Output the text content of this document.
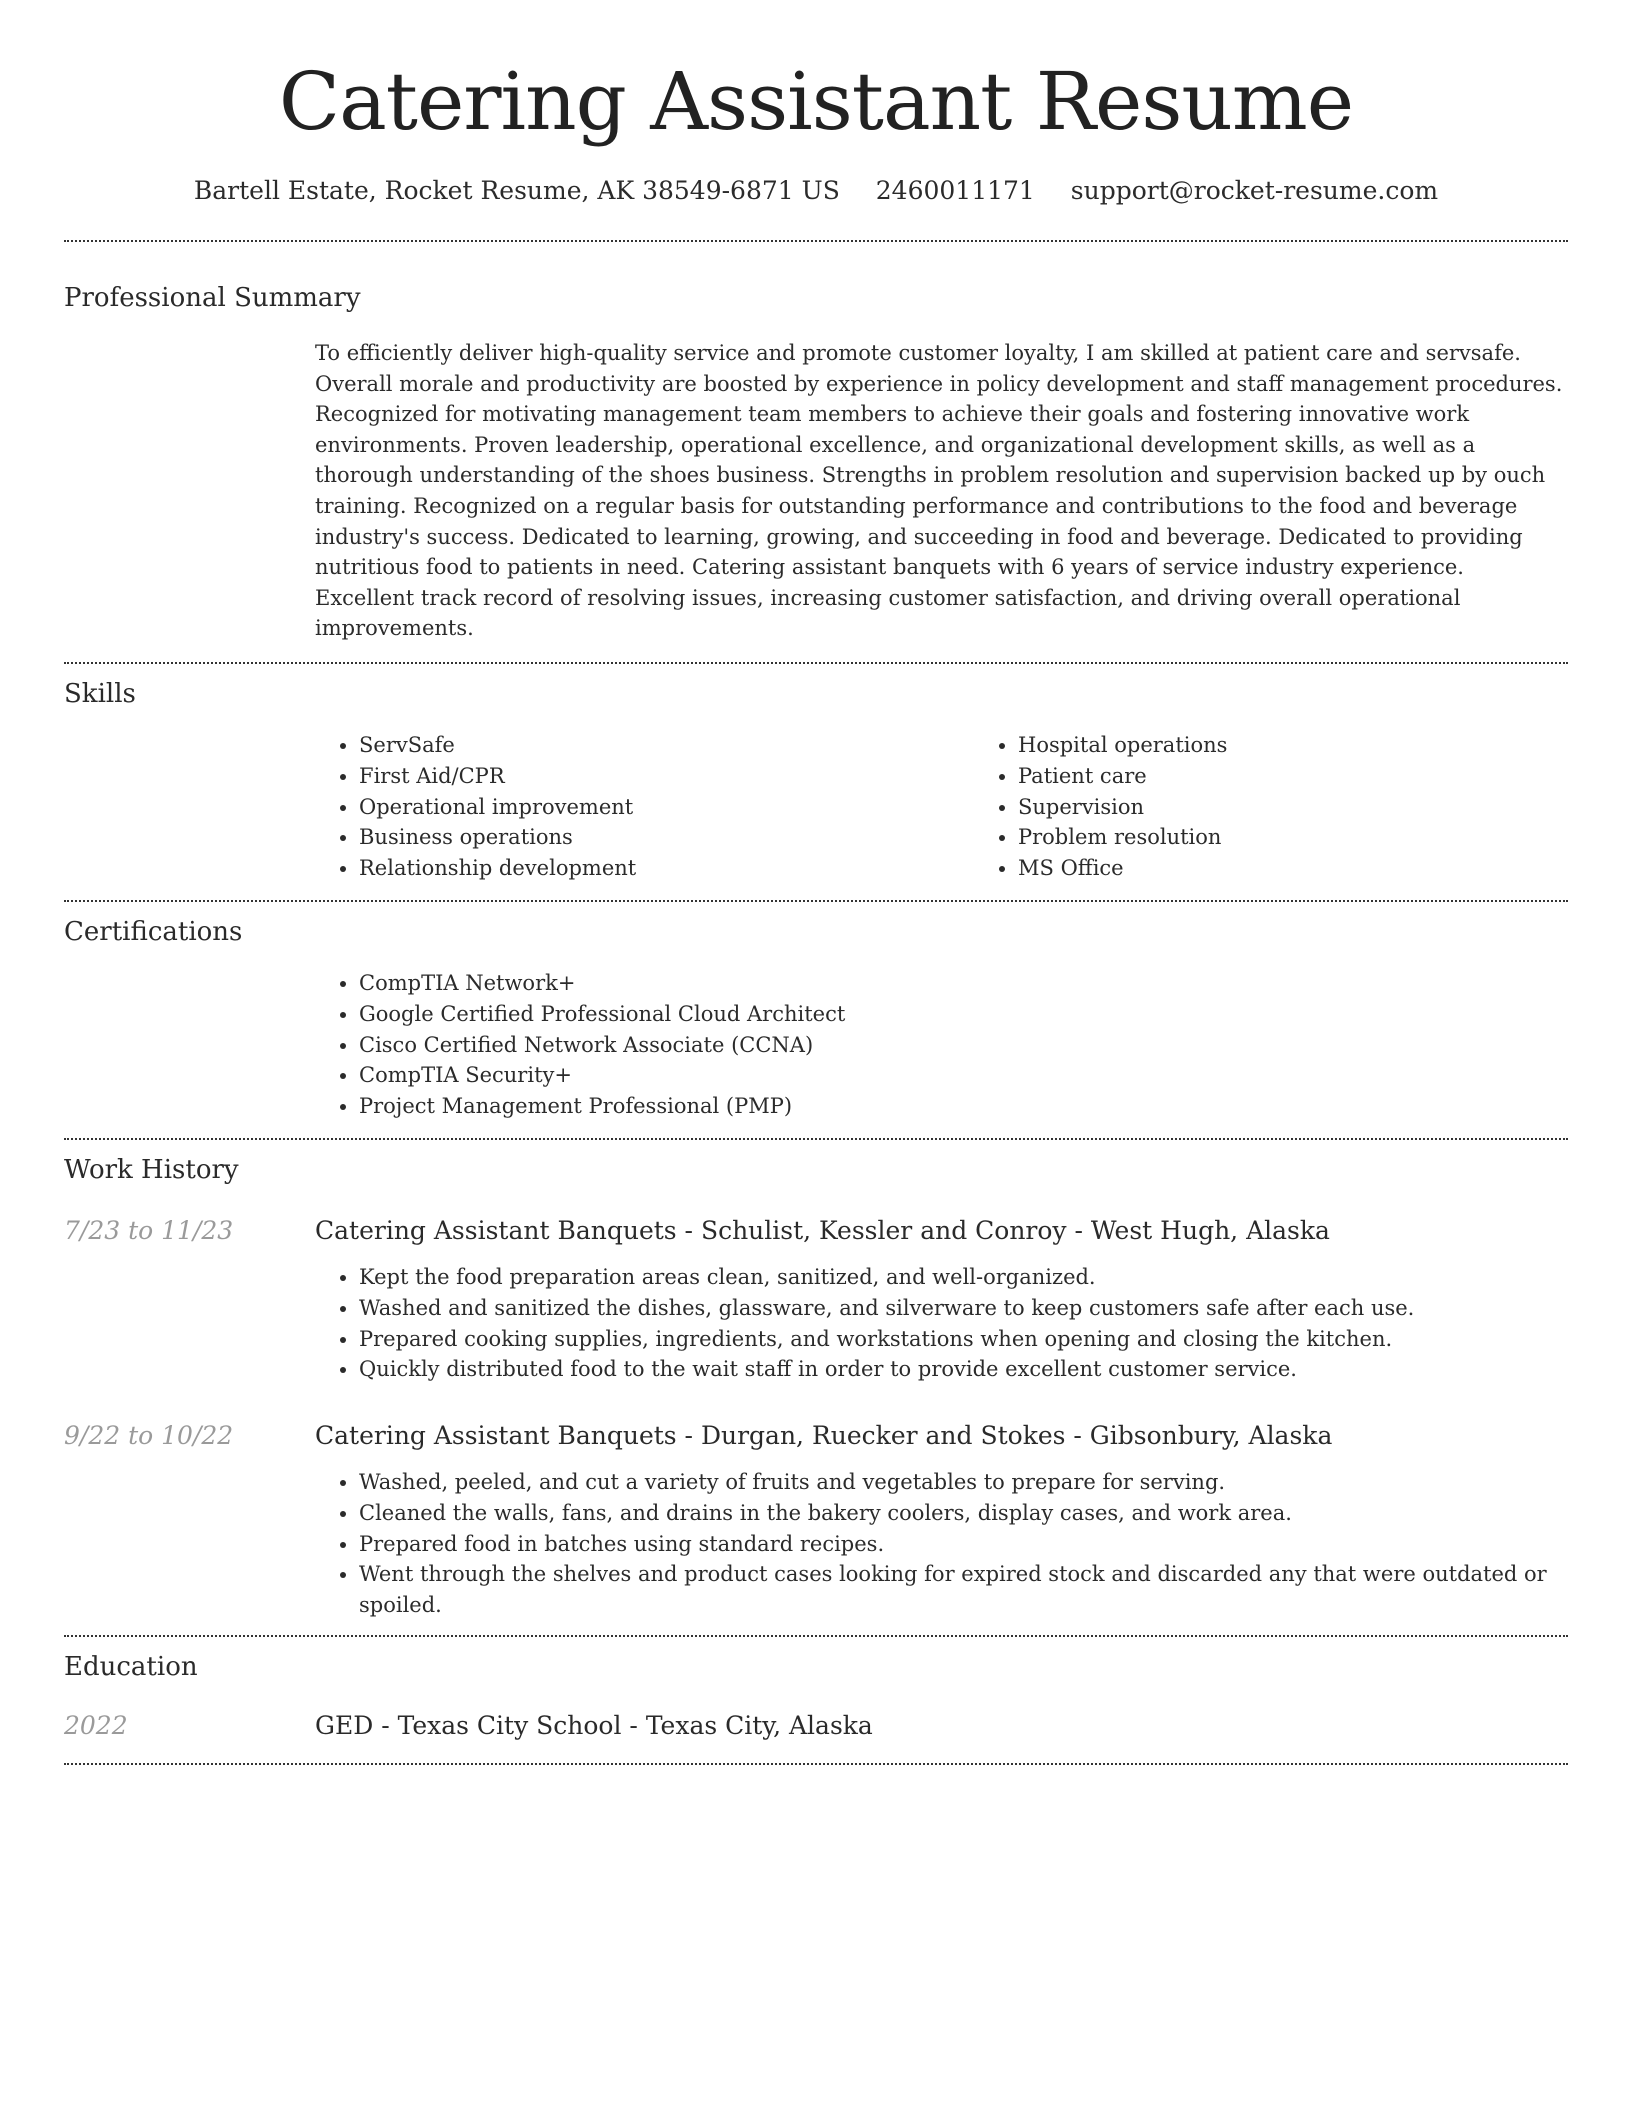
Catering Assistant Resume
Bartell Estate, Rocket Resume, AK 38549-6871 US 2460011171 support@rocket-resume.com
Professional Summary

To efficiently deliver high-quality service and promote customer loyalty, I am skilled at patient care and servsafe. Overall morale and productivity are boosted by experience in policy development and staff management procedures. Recognized for motivating management team members to achieve their goals and fostering innovative work environments. Proven leadership, operational excellence, and organizational development skills, as well as a thorough understanding of the shoes business. Strengths in problem resolution and supervision backed up by ouch training. Recognized on a regular basis for outstanding performance and contributions to the food and beverage industry's success. Dedicated to learning, growing, and succeeding in food and beverage. Dedicated to providing nutritious food to patients in need. Catering assistant banquets with 6 years of service industry experience. Excellent track record of resolving issues, increasing customer satisfaction, and driving overall operational improvements.

Skills
• ServSafe
• First Aid/CPR
• Operational improvement
• Business operations
• Relationship development
• Hospital operations
• Patient care
• Supervision
• Problem resolution
• MS Office
Certifications
• CompTIA Network+
• Google Certified Professional Cloud Architect
• Cisco Certified Network Associate (CCNA)
• CompTIA Security+
• Project Management Professional (PMP)
Work History
7/23 to 11/23	Catering Assistant Banquets - Schulist, Kessler and Conroy - West Hugh, Alaska
• Kept the food preparation areas clean, sanitized, and well-organized.
• Washed and sanitized the dishes, glassware, and silverware to keep customers safe after each use.
• Prepared cooking supplies, ingredients, and workstations when opening and closing the kitchen.
• Quickly distributed food to the wait staff in order to provide excellent customer service.
9/22 to 10/22	Catering Assistant Banquets - Durgan, Ruecker and Stokes - Gibsonbury, Alaska
• Washed, peeled, and cut a variety of fruits and vegetables to prepare for serving.
• Cleaned the walls, fans, and drains in the bakery coolers, display cases, and work area.
• Prepared food in batches using standard recipes.
• Went through the shelves and product cases looking for expired stock and discarded any that were outdated or spoiled.
Education
2022	GED - Texas City School - Texas City, Alaska
